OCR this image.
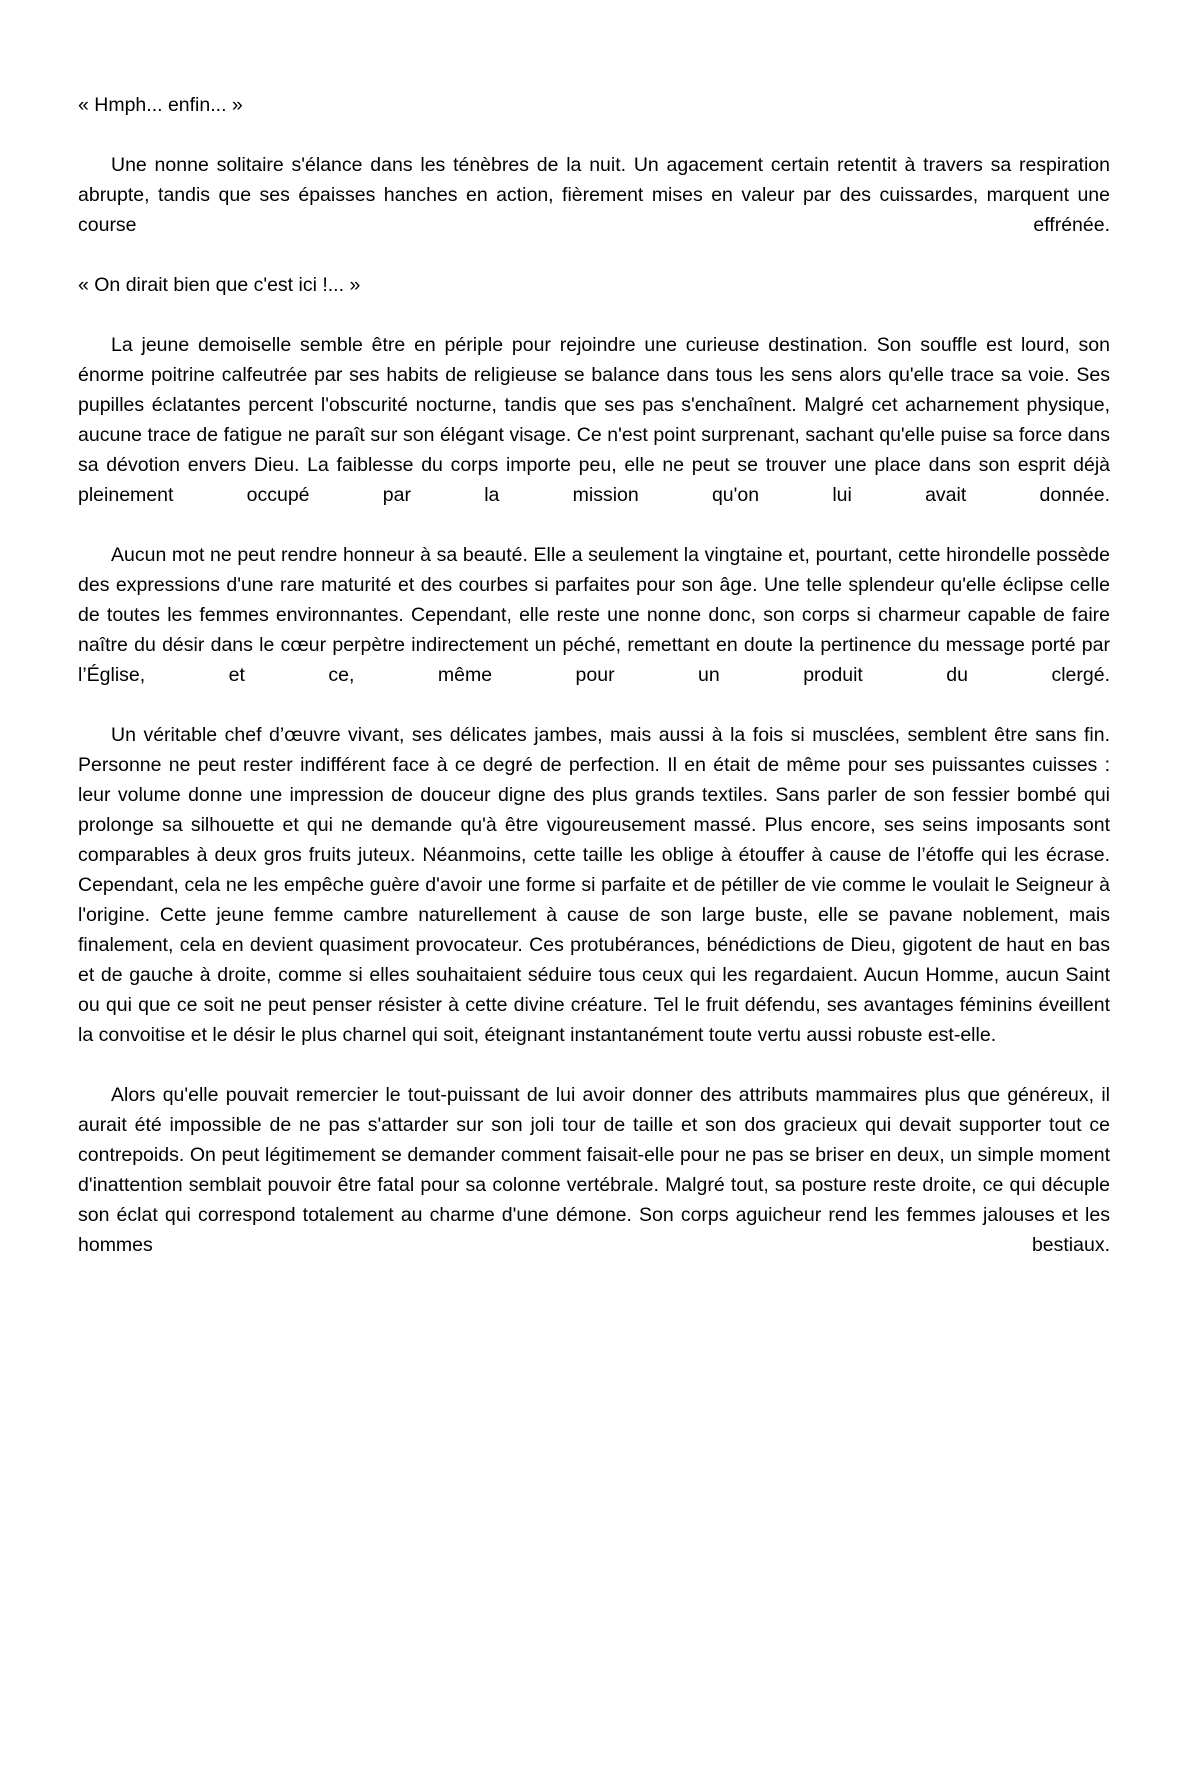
« Hmph... enfin... »

Une nonne solitaire s'élance dans les ténèbres de la nuit. Un agacement certain retentit à travers sa respiration abrupte, tandis que ses épaisses hanches en action, fièrement mises en valeur par des cuissardes, marquent une course effrénée.

« On dirait bien que c'est ici !... »

La jeune demoiselle semble être en périple pour rejoindre une curieuse destination. Son souffle est lourd, son énorme poitrine calfeutrée par ses habits de religieuse se balance dans tous les sens alors qu'elle trace sa voie. Ses pupilles éclatantes percent l'obscurité nocturne, tandis que ses pas s'enchaînent. Malgré cet acharnement physique, aucune trace de fatigue ne paraît sur son élégant visage. Ce n'est point surprenant, sachant qu'elle puise sa force dans sa dévotion envers Dieu. La faiblesse du corps importe peu, elle ne peut se trouver une place dans son esprit déjà pleinement occupé par la mission qu'on lui avait donnée.

Aucun mot ne peut rendre honneur à sa beauté. Elle a seulement la vingtaine et, pourtant, cette hirondelle possède des expressions d'une rare maturité et des courbes si parfaites pour son âge. Une telle splendeur qu'elle éclipse celle de toutes les femmes environnantes. Cependant, elle reste une nonne donc, son corps si charmeur capable de faire naître du désir dans le cœur perpètre indirectement un péché, remettant en doute la pertinence du message porté par l’Église, et ce, même pour un produit du clergé.

Un véritable chef d’œuvre vivant, ses délicates jambes, mais aussi à la fois si musclées, semblent être sans fin. Personne ne peut rester indifférent face à ce degré de perfection. Il en était de même pour ses puissantes cuisses : leur volume donne une impression de douceur digne des plus grands textiles. Sans parler de son fessier bombé qui prolonge sa silhouette et qui ne demande qu'à être vigoureusement massé. Plus encore, ses seins imposants sont comparables à deux gros fruits juteux. Néanmoins, cette taille les oblige à étouffer à cause de l’étoffe qui les écrase. Cependant, cela ne les empêche guère d'avoir une forme si parfaite et de pétiller de vie comme le voulait le Seigneur à l'origine. Cette jeune femme cambre naturellement à cause de son large buste, elle se pavane noblement, mais finalement, cela en devient quasiment provocateur. Ces protubérances, bénédictions de Dieu, gigotent de haut en bas et de gauche à droite, comme si elles souhaitaient séduire tous ceux qui les regardaient. Aucun Homme, aucun Saint ou qui que ce soit ne peut penser résister à cette divine créature. Tel le fruit défendu, ses avantages féminins éveillent la convoitise et le désir le plus charnel qui soit, éteignant instantanément toute vertu aussi robuste est-elle.

Alors qu'elle pouvait remercier le tout-puissant de lui avoir donner des attributs mammaires plus que généreux, il aurait été impossible de ne pas s'attarder sur son joli tour de taille et son dos gracieux qui devait supporter tout ce contrepoids. On peut légitimement se demander comment faisait-elle pour ne pas se briser en deux, un simple moment d'inattention semblait pouvoir être fatal pour sa colonne vertébrale. Malgré tout, sa posture reste droite, ce qui décuple son éclat qui correspond totalement au charme d'une démone. Son corps aguicheur rend les femmes jalouses et les hommes bestiaux.
